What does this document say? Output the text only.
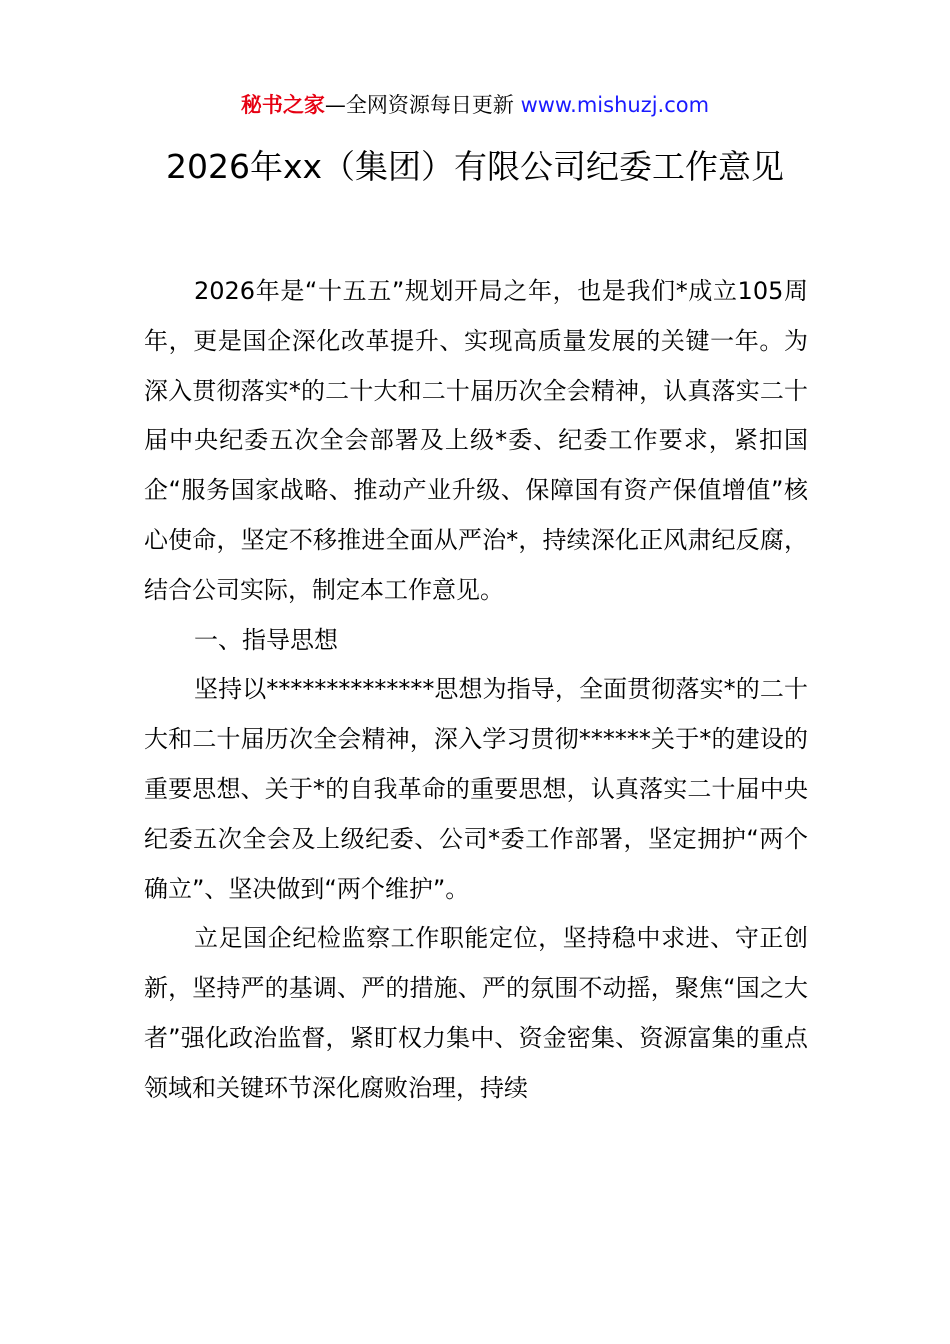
秘书之家—全网资源每日更新 www.mishuzj.com
2026年xx（集团）有限公司纪委工作意见

2026年是“十五五”规划开局之年，也是我们*成立105周年，更是国企深化改革提升、实现高质量发展的关键一年。为深入贯彻落实*的二十大和二十届历次全会精神，认真落实二十届中央纪委五次全会部署及上级*委、纪委工作要求，紧扣国企“服务国家战略、推动产业升级、保障国有资产保值增值”核心使命，坚定不移推进全面从严治*，持续深化正风肃纪反腐，结合公司实际，制定本工作意见。

一、指导思想

坚持以**************思想为指导，全面贯彻落实*的二十大和二十届历次全会精神，深入学习贯彻******关于*的建设的重要思想、关于*的自我革命的重要思想，认真落实二十届中央纪委五次全会及上级纪委、公司*委工作部署，坚定拥护“两个确立”、坚决做到“两个维护”。

立足国企纪检监察工作职能定位，坚持稳中求进、守正创新，坚持严的基调、严的措施、严的氛围不动摇，聚焦“国之大者”强化政治监督，紧盯权力集中、资金密集、资源富集的重点领域和关键环节深化腐败治理，持续
